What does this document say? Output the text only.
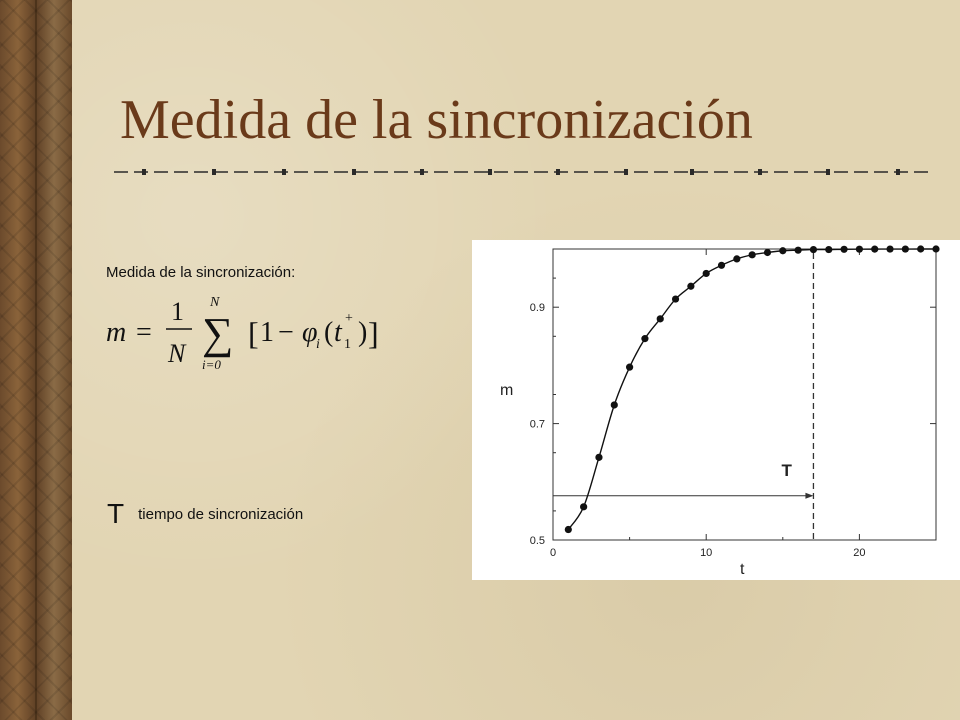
Medida de la sincronización
Medida de la sincronización:
m =
1
N ∑
N
i=0
[ 1 − φ
i ( t 1
+ ) ]
Ttiempo de sincronización
0.5
0.7
0.9
0	10	20
T
m
t
